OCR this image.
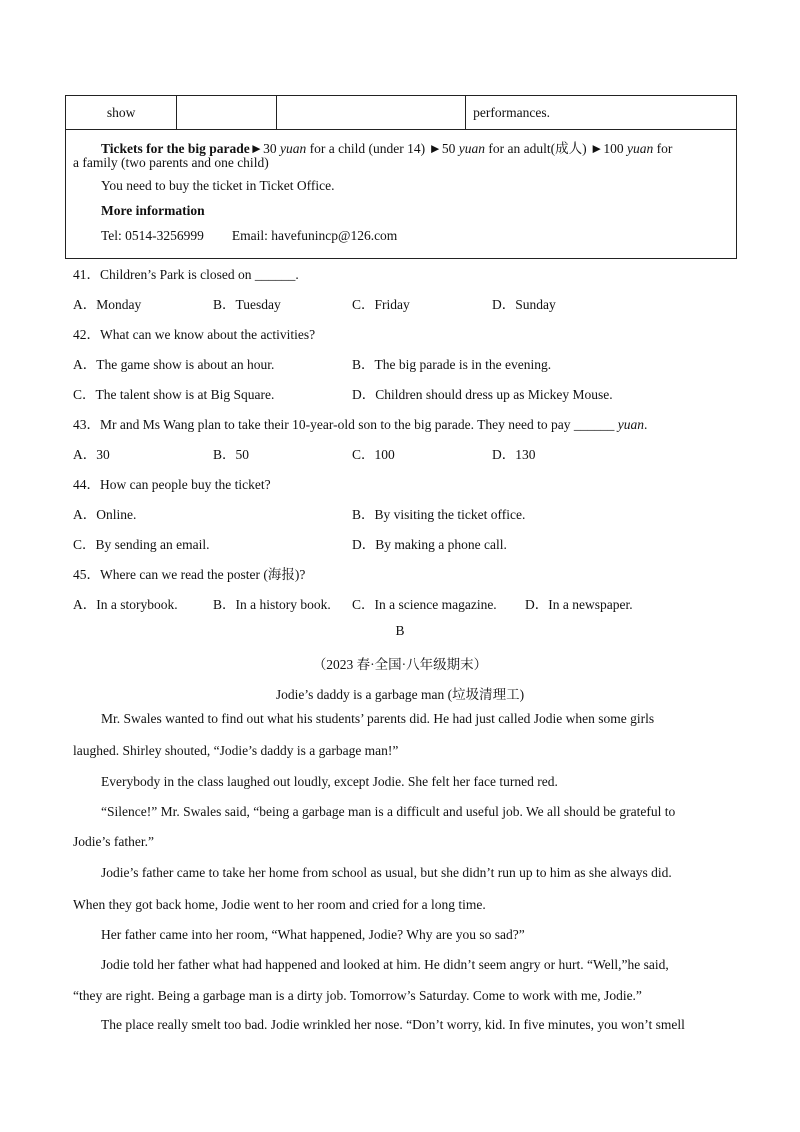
show			performances.
Tickets for the big parade►30 yuan for a child (under 14) ►50 yuan for an adult(成人) ►100 yuan for
a family (two parents and one child)
You need to buy the ticket in Ticket Office.
More information
Tel: 0514-3256999 Email: havefunincp@126.com
41．Children’s Park is closed on ______.
A．Monday	B．Tuesday	C．Friday	D．Sunday
42．What can we know about the activities?
A．The game show is about an hour.	B．The big parade is in the evening.
C．The talent show is at Big Square.	D．Children should dress up as Mickey Mouse.
43．Mr and Ms Wang plan to take their 10-year-old son to the big parade. They need to pay ______ yuan.
A．30	B．50	C．100	D．130
44．How can people buy the ticket?
A．Online.	B．By visiting the ticket office.
C．By sending an email.	D．By making a phone call.
45．Where can we read the poster (海报)?
A．In a storybook.	B．In a history book. C．In a science magazine. D．In a newspaper.
B
（2023 春·全国·八年级期末）
Jodie’s daddy is a garbage man (垃圾清理工)
Mr. Swales wanted to find out what his students’ parents did. He had just called Jodie when some girls
laughed. Shirley shouted, “Jodie’s daddy is a garbage man!”
Everybody in the class laughed out loudly, except Jodie. She felt her face turned red.
“Silence!” Mr. Swales said, “being a garbage man is a difficult and useful job. We all should be grateful to
Jodie’s father.”
Jodie’s father came to take her home from school as usual, but she didn’t run up to him as she always did.
When they got back home, Jodie went to her room and cried for a long time.
Her father came into her room, “What happened, Jodie? Why are you so sad?”
Jodie told her father what had happened and looked at him. He didn’t seem angry or hurt. “Well,”he said,
“they are right. Being a garbage man is a dirty job. Tomorrow’s Saturday. Come to work with me, Jodie.”
The place really smelt too bad. Jodie wrinkled her nose. “Don’t worry, kid. In five minutes, you won’t smell
